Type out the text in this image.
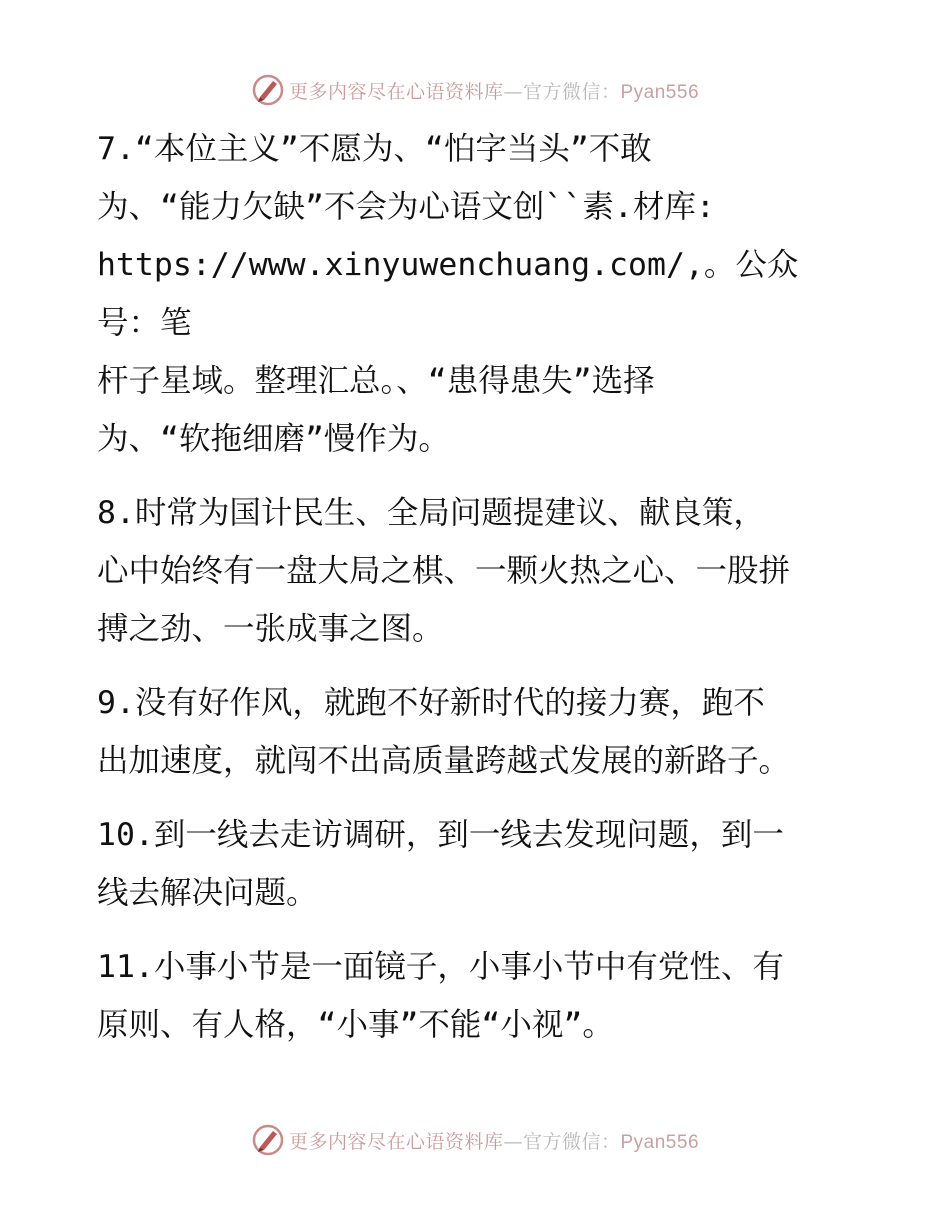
更多内容尽在心语资料库—官方微信：Pyan556

7.“本位主义”不愿为、“怕字当头”不敢
为、“能力欠缺”不会为心语文创``素.材库:
https://www.xinyuwenchuang.com/,。公众号：笔
杆子星域。整理汇总。、“患得患失”选择
为、“软拖细磨”慢作为。

8.时常为国计民生、全局问题提建议、献良策，
心中始终有一盘大局之棋、一颗火热之心、一股拼
搏之劲、一张成事之图。

9.没有好作风，就跑不好新时代的接力赛，跑不
出加速度，就闯不出高质量跨越式发展的新路子。

10.到一线去走访调研，到一线去发现问题，到一
线去解决问题。

11.小事小节是一面镜子，小事小节中有党性、有
原则、有人格，“小事”不能“小视”。

更多内容尽在心语资料库—官方微信：Pyan556
